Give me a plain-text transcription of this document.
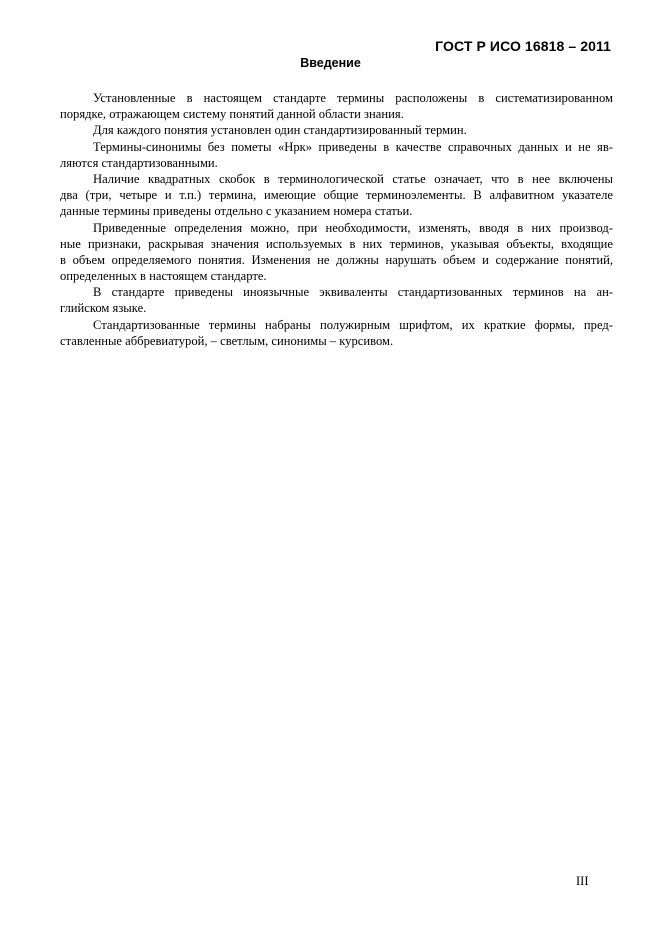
ГОСТ Р ИСО 16818 – 2011
Введение
Установленные в настоящем стандарте термины расположены в систематизированном
порядке, отражающем систему понятий данной области знания.
Для каждого понятия установлен один стандартизированный термин.
Термины-синонимы без пометы «Нрк» приведены в качестве справочных данных и не яв-
ляются стандартизованными.
Наличие квадратных скобок в терминологической статье означает, что в нее включены
два (три, четыре и т.п.) термина, имеющие общие терминоэлементы. В алфавитном указателе
данные термины приведены отдельно с указанием номера статьи.
Приведенные определения можно, при необходимости, изменять, вводя в них производ-
ные признаки, раскрывая значения используемых в них терминов, указывая объекты, входящие
в объем определяемого понятия. Изменения не должны нарушать объем и содержание понятий,
определенных в настоящем стандарте.
В стандарте приведены иноязычные эквиваленты стандартизованных терминов на ан-
глийском языке.
Стандартизованные термины набраны полужирным шрифтом, их краткие формы, пред-
ставленные аббревиатурой, – светлым, синонимы – курсивом.
III
